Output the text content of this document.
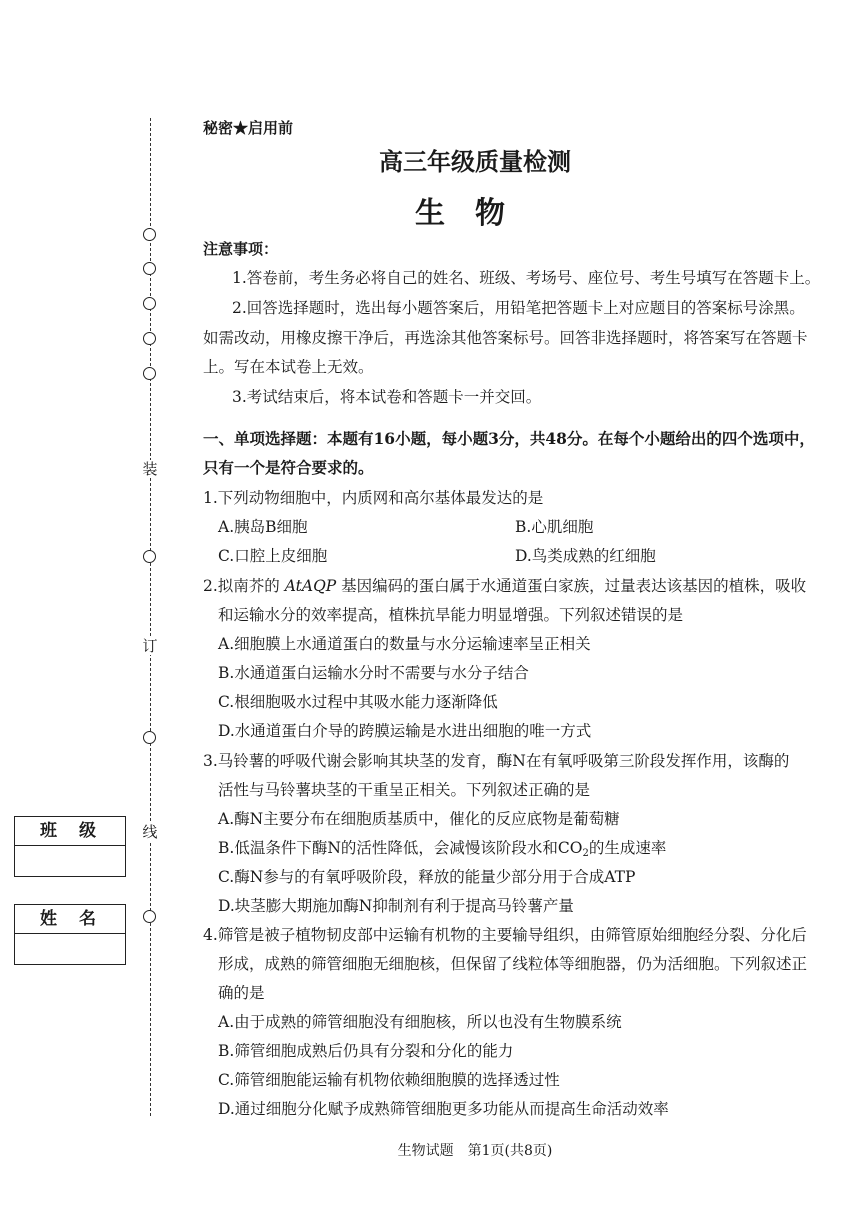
装
订
线
班级
姓名
秘密★启用前
高三年级质量检测
生物
注意事项：
1.答卷前，考生务必将自己的姓名、班级、考场号、座位号、考生号填写在答题卡上。
2.回答选择题时，选出每小题答案后，用铅笔把答题卡上对应题目的答案标号涂黑。
如需改动，用橡皮擦干净后，再选涂其他答案标号。回答非选择题时，将答案写在答题卡
上。写在本试卷上无效。
3.考试结束后，将本试卷和答题卡一并交回。
一、单项选择题：本题有16小题，每小题3分，共48分。在每个小题给出的四个选项中，
只有一个是符合要求的。
1.下列动物细胞中，内质网和高尔基体最发达的是
A.胰岛B细胞	B.心肌细胞
C.口腔上皮细胞	D.鸟类成熟的红细胞
2.拟南芥的 AtAQP 基因编码的蛋白属于水通道蛋白家族，过量表达该基因的植株，吸收
和运输水分的效率提高，植株抗旱能力明显增强。下列叙述错误的是
A.细胞膜上水通道蛋白的数量与水分运输速率呈正相关
B.水通道蛋白运输水分时不需要与水分子结合
C.根细胞吸水过程中其吸水能力逐渐降低
D.水通道蛋白介导的跨膜运输是水进出细胞的唯一方式
3.马铃薯的呼吸代谢会影响其块茎的发育，酶N在有氧呼吸第三阶段发挥作用，该酶的
活性与马铃薯块茎的干重呈正相关。下列叙述正确的是
A.酶N主要分布在细胞质基质中，催化的反应底物是葡萄糖
B.低温条件下酶N的活性降低，会减慢该阶段水和$CO_2$的生成速率
C.酶N参与的有氧呼吸阶段，释放的能量少部分用于合成ATP
D.块茎膨大期施加酶N抑制剂有利于提高马铃薯产量
4.筛管是被子植物韧皮部中运输有机物的主要输导组织，由筛管原始细胞经分裂、分化后
形成，成熟的筛管细胞无细胞核，但保留了线粒体等细胞器，仍为活细胞。下列叙述正
确的是
A.由于成熟的筛管细胞没有细胞核，所以也没有生物膜系统
B.筛管细胞成熟后仍具有分裂和分化的能力
C.筛管细胞能运输有机物依赖细胞膜的选择透过性
D.通过细胞分化赋予成熟筛管细胞更多功能从而提高生命活动效率
生物试题　第1页(共8页)
